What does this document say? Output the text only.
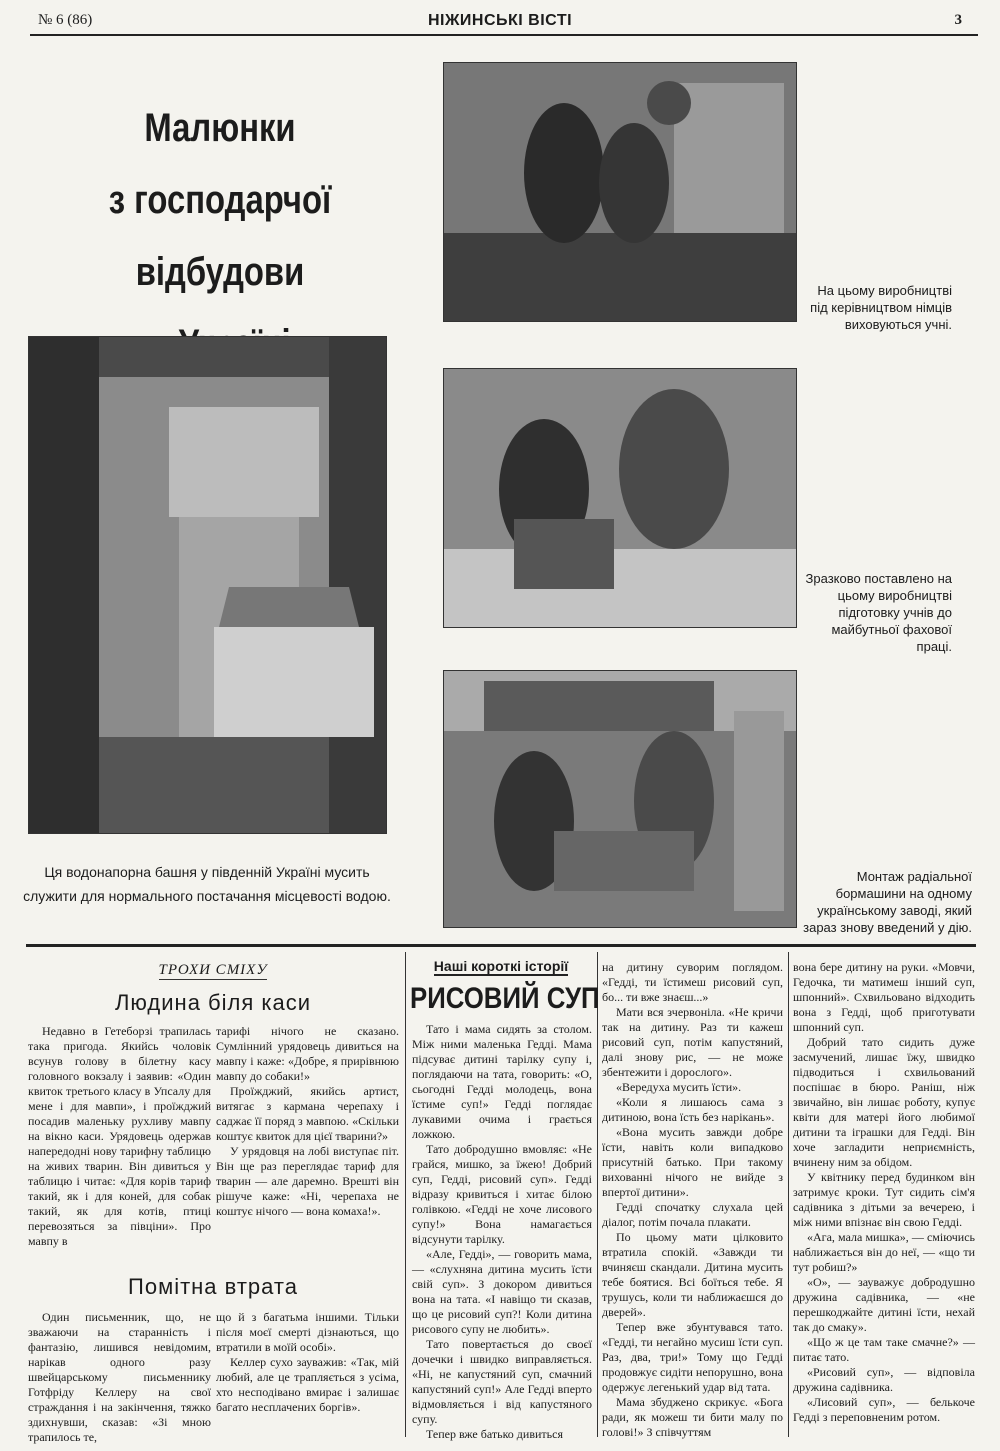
№ 6 (86)	НІЖИНСЬКІ ВІСТІ	3
Малюнки
з господарчої відбудови
Ця водонапорна башня у південній Україні мусить служити для нормального постачання місцевості водою.
На цьому виробництві під керівництвом німців виховуються учні.
Зразково поставлено на цьому виробництві підготовку учнів до майбутньої фахової праці.
Монтаж радіальної бормашини на одному українському заводі, який зараз знову введений у дію.
ТРОХИ СМІХУ
Людина біля каси

Недавно в Гетеборзі трапилась така пригода. Якийсь чоловік всунув голову в білетну касу головного вокзалу і заявив: «Один квиток третього класу в Упсалу для мене і для мавпи», і проїжджий посадив маленьку рухливу мавпу на вікно каси. Урядовець одержав напередодні нову тарифну таблицю на живих тварин. Він дивиться у таблицю і читає: «Для корів тариф такий, як і для коней, для собак такий, як для котів, птиці перевозяться за півціни». Про мавпу в

тарифі нічого не сказано. Сумлінний урядовець дивиться на мавпу і каже: «Добре, я прирівнюю мавпу до собаки!»

Проїжджий, якийсь артист, витягає з кармана черепаху і саджає її поряд з мавпою. «Скільки коштує квиток для цієї тварини?»

У урядовця на лобі виступає піт. Він ще раз переглядає тариф для тварин — але даремно. Врешті він рішуче каже: «Ні, черепаха не коштує нічого — вона комаха!».

Помітна втрата

Один письменник, що, не зважаючи на старанність і фантазію, лишився невідомим, нарікав одного разу швейцарському письменнику Готфріду Келлеру на свої страждання і на закінчення, тяжко здихнувши, сказав: «Зі мною трапилось те,

що й з багатьма іншими. Тільки після моєї смерті дізнаються, що втратили в моїй особі».

Келлер сухо зауважив: «Так, мій любий, але це трапляється з усіма, хто несподівано вмирає і залишає багато несплачених боргів».

Наші короткі історії
РИСОВИЙ СУП

Тато і мама сидять за столом. Між ними маленька Гедді. Мама підсуває дитині тарілку супу і, поглядаючи на тата, говорить: «О, сьогодні Гедді молодець, вона їстиме суп!» Гедді поглядає лукавими очима і грається ложкою.

Тато добродушно вмовляє: «Не грайся, мишко, за їжею! Добрий суп, Гедді, рисовий суп». Гедді відразу кривиться і хитає білою голівкою. «Гедді не хоче лисового супу!» Вона намагається відсунути тарілку.

«Але, Гедді», — говорить мама, — «слухняна дитина мусить їсти свій суп». З докором дивиться вона на тата. «І навіщо ти сказав, що це рисовий суп?! Коли дитина рисового супу не любить».

Тато повертається до своєї дочечки і швидко виправляється. «Ні, не капустяний суп, смачний капустяний суп!» Але Гедді вперто відмовляється і від капустяного супу.

Тепер вже батько дивиться

на дитину суворим поглядом. «Гедді, ти їстимеш рисовий суп, бо... ти вже знаєш...»

Мати вся зчервоніла. «Не кричи так на дитину. Раз ти кажеш рисовий суп, потім капустяний, далі знову рис, — не може збентежити і дорослого».

«Вередуха мусить їсти».

«Коли я лишаюсь сама з дитиною, вона їсть без нарікань».

«Вона мусить завжди добре їсти, навіть коли випадково присутній батько. При такому вихованні нічого не вийде з впертої дитини».

Гедді спочатку слухала цей діалог, потім почала плакати.

По цьому мати цілковито втратила спокій. «Завжди ти вчиняєш скандали. Дитина мусить тебе боятися. Всі боїться тебе. Я трушусь, коли ти наближаєшся до дверей».

Тепер вже збунтувався тато. «Гедді, ти негайно мусиш їсти суп. Раз, два, три!» Тому що Гедді продовжує сидіти непорушно, вона одержує легенький удар від тата.

Мама збуджено скрикує. «Бога ради, як можеш ти бити малу по голові!» З співчуттям

вона бере дитину на руки. «Мовчи, Гедочка, ти матимеш інший суп, шпонний». Схвильовано відходить вона з Гедді, щоб приготувати шпонний суп.

Добрий тато сидить дуже засмучений, лишає їжу, швидко підводиться і схвильований поспішає в бюро. Раніш, ніж звичайно, він лишає роботу, купує квіти для матері його любимої дитини та іграшки для Гедді. Він хоче загладити неприємність, вчинену ним за обідом.

У квітнику перед будинком він затримує кроки. Тут сидить сім'я садівника з дітьми за вечерею, і між ними впізнає він свою Гедді.

«Ага, мала мишка», — сміючись наближається він до неї, — «що ти тут робиш?»

«О», — зауважує добродушно дружина садівника, — «не перешкоджайте дитині їсти, нехай так до смаку».

«Що ж це там таке смачне?» — питає тато.

«Рисовий суп», — відповіла дружина садівника.

«Лисовий суп», — белькоче Гедді з переповненим ротом.
